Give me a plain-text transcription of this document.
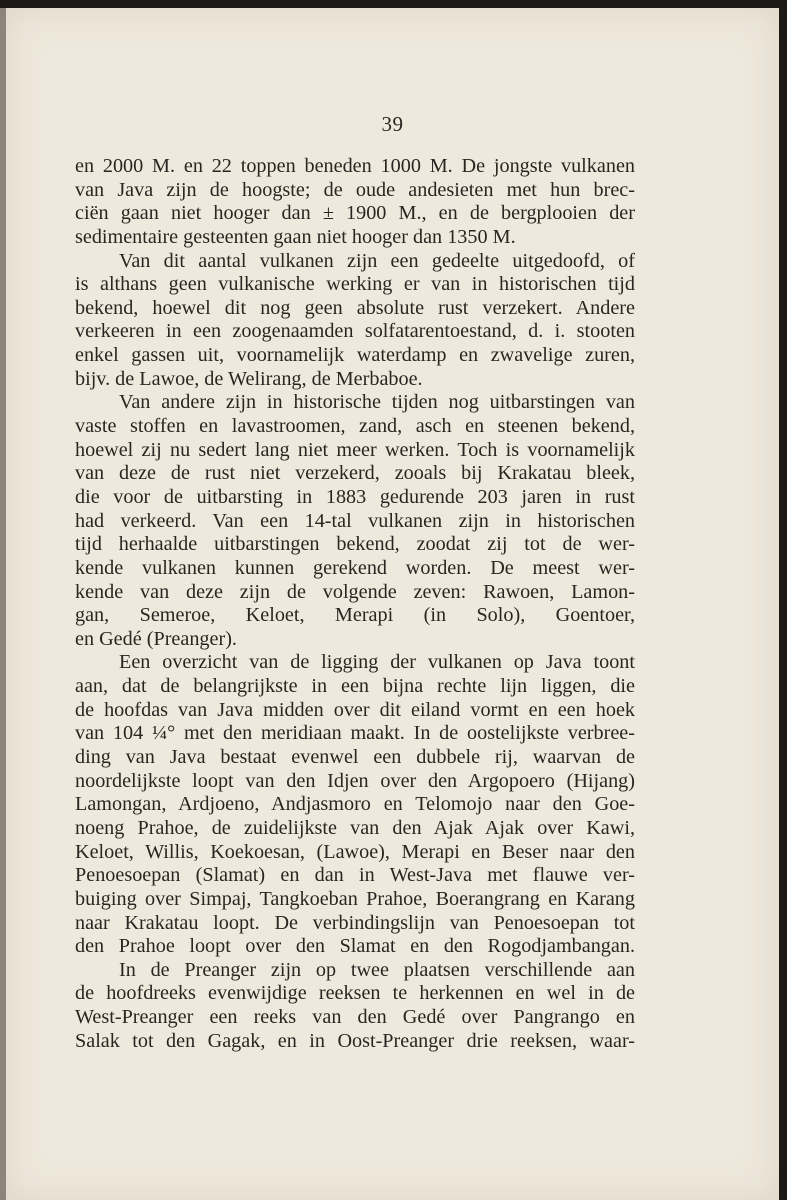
39
en 2000 M. en 22 toppen beneden 1000 M. De jongste vulkanen
van Java zijn de hoogste; de oude andesieten met hun brec-
ciën gaan niet hooger dan ± 1900 M., en de bergplooien der
sedimentaire gesteenten gaan niet hooger dan 1350 M.
Van dit aantal vulkanen zijn een gedeelte uitgedoofd, of
is althans geen vulkanische werking er van in historischen tijd
bekend, hoewel dit nog geen absolute rust verzekert. Andere
verkeeren in een zoogenaamden solfatarentoestand, d. i. stooten
enkel gassen uit, voornamelijk waterdamp en zwavelige zuren,
bijv. de Lawoe, de Welirang, de Merbaboe.
Van andere zijn in historische tijden nog uitbarstingen van
vaste stoffen en lavastroomen, zand, asch en steenen bekend,
hoewel zij nu sedert lang niet meer werken. Toch is voornamelijk
van deze de rust niet verzekerd, zooals bij Krakatau bleek,
die voor de uitbarsting in 1883 gedurende 203 jaren in rust
had verkeerd. Van een 14-tal vulkanen zijn in historischen
tijd herhaalde uitbarstingen bekend, zoodat zij tot de wer-
kende vulkanen kunnen gerekend worden. De meest wer-
kende van deze zijn de volgende zeven: Rawoen, Lamon-
gan, Semeroe, Keloet, Merapi (in Solo), Goentoer,
en Gedé (Preanger).
Een overzicht van de ligging der vulkanen op Java toont
aan, dat de belangrijkste in een bijna rechte lijn liggen, die
de hoofdas van Java midden over dit eiland vormt en een hoek
van 104 ¼° met den meridiaan maakt. In de oostelijkste verbree-
ding van Java bestaat evenwel een dubbele rij, waarvan de
noordelijkste loopt van den Idjen over den Argopoero (Hijang)
Lamongan, Ardjoeno, Andjasmoro en Telomojo naar den Goe-
noeng Prahoe, de zuidelijkste van den Ajak Ajak over Kawi,
Keloet, Willis, Koekoesan, (Lawoe), Merapi en Beser naar den
Penoesoepan (Slamat) en dan in West-Java met flauwe ver-
buiging over Simpaj, Tangkoeban Prahoe, Boerangrang en Karang
naar Krakatau loopt. De verbindingslijn van Penoesoepan tot
den Prahoe loopt over den Slamat en den Rogodjambangan.
In de Preanger zijn op twee plaatsen verschillende aan
de hoofdreeks evenwijdige reeksen te herkennen en wel in de
West-Preanger een reeks van den Gedé over Pangrango en
Salak tot den Gagak, en in Oost-Preanger drie reeksen, waar-
